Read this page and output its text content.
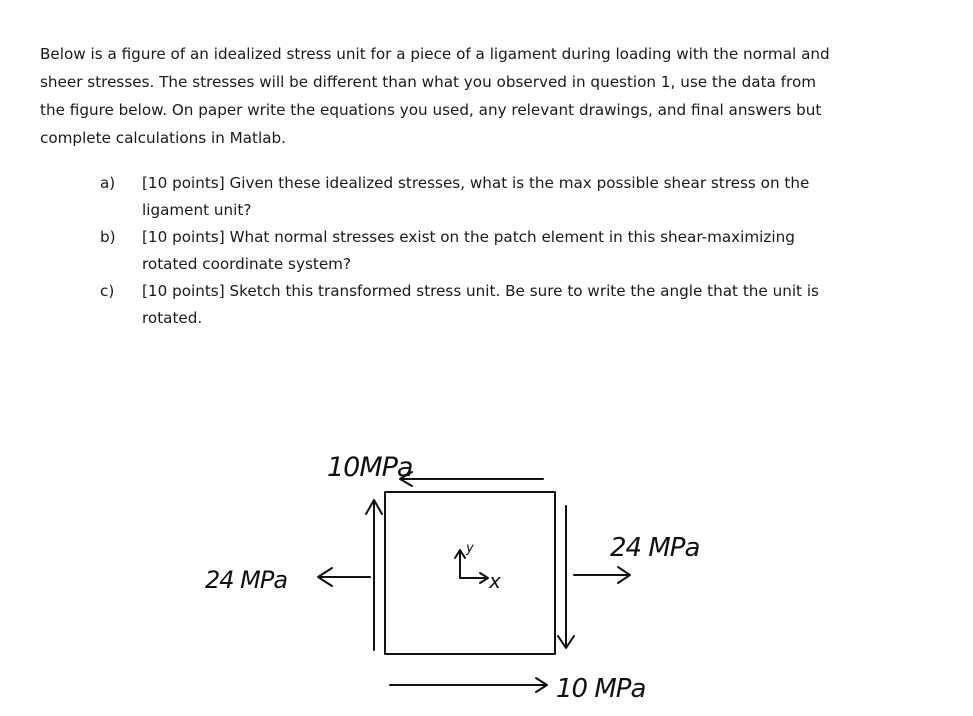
Below is a figure of an idealized stress unit for a piece of a ligament during loading with the normal and
sheer stresses. The stresses will be different than what you observed in question 1, use the data from
the figure below. On paper write the equations you used, any relevant drawings, and final answers but
complete calculations in Matlab.
a) [10 points] Given these idealized stresses, what is the max possible shear stress on the
ligament unit?
b) [10 points] What normal stresses exist on the patch element in this shear-maximizing
rotated coordinate system?
c) [10 points] Sketch this transformed stress unit. Be sure to write the angle that the unit is
rotated.
y
x
10MPa
24 MPa
24 MPa
10 MPa
